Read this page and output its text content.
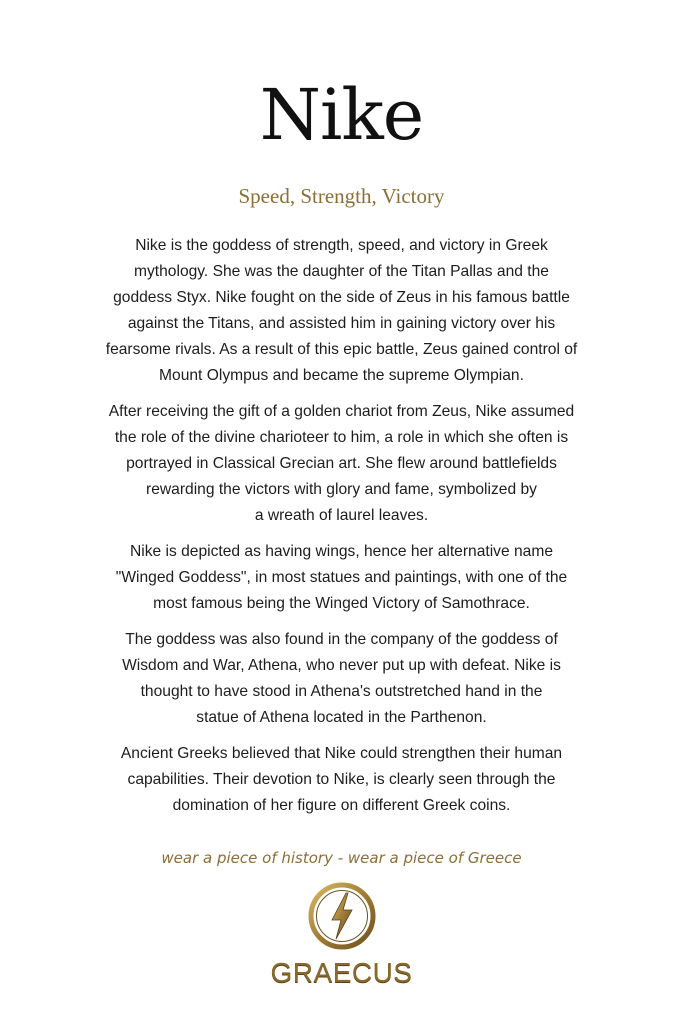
Nike
Speed, Strength, Victory

Nike is the goddess of strength, speed, and victory in Greek
mythology. She was the daughter of the Titan Pallas and the
goddess Styx. Nike fought on the side of Zeus in his famous battle
against the Titans, and assisted him in gaining victory over his
fearsome rivals. As a result of this epic battle, Zeus gained control of
Mount Olympus and became the supreme Olympian.

After receiving the gift of a golden chariot from Zeus, Nike assumed
the role of the divine charioteer to him, a role in which she often is
portrayed in Classical Grecian art. She flew around battlefields
rewarding the victors with glory and fame, symbolized by
a wreath of laurel leaves.

Nike is depicted as having wings, hence her alternative name
"Winged Goddess", in most statues and paintings, with one of the
most famous being the Winged Victory of Samothrace.

The goddess was also found in the company of the goddess of
Wisdom and War, Athena, who never put up with defeat. Nike is
thought to have stood in Athena's outstretched hand in the
statue of Athena located in the Parthenon.

Ancient Greeks believed that Nike could strengthen their human
capabilities. Their devotion to Nike, is clearly seen through the
domination of her figure on different Greek coins.

wear a piece of history - wear a piece of Greece
GRAECUS
